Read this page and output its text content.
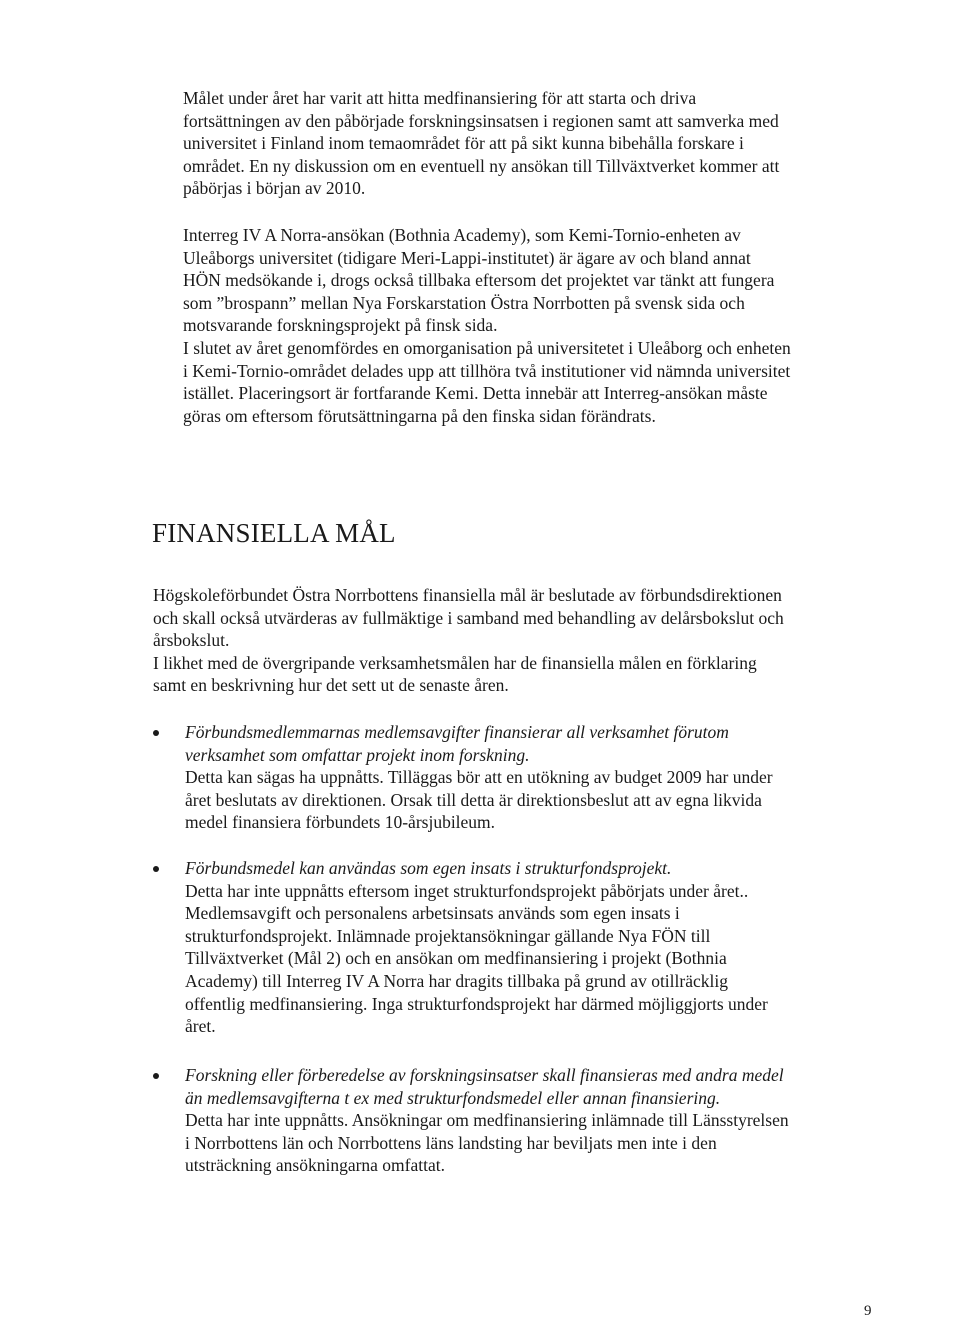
Målet under året har varit att hitta medfinansiering för att starta och driva
fortsättningen av den påbörjade forskningsinsatsen i regionen samt att samverka med
universitet i Finland inom temaområdet för att på sikt kunna bibehålla forskare i
området. En ny diskussion om en eventuell ny ansökan till Tillväxtverket kommer att
påbörjas i början av 2010.
Interreg IV A Norra-ansökan (Bothnia Academy), som Kemi-Tornio-enheten av
Uleåborgs universitet (tidigare Meri-Lappi-institutet) är ägare av och bland annat
HÖN medsökande i, drogs också tillbaka eftersom det projektet var tänkt att fungera
som ”brospann” mellan Nya Forskarstation Östra Norrbotten på svensk sida och
motsvarande forskningsprojekt på finsk sida.
I slutet av året genomfördes en omorganisation på universitetet i Uleåborg och enheten
i Kemi-Tornio-området delades upp att tillhöra två institutioner vid nämnda universitet
istället. Placeringsort är fortfarande Kemi. Detta innebär att Interreg-ansökan måste
göras om eftersom förutsättningarna på den finska sidan förändrats.
FINANSIELLA MÅL
Högskoleförbundet Östra Norrbottens finansiella mål är beslutade av förbundsdirektionen
och skall också utvärderas av fullmäktige i samband med behandling av delårsbokslut och
årsbokslut.
I likhet med de övergripande verksamhetsmålen har de finansiella målen en förklaring
samt en beskrivning hur det sett ut de senaste åren.
Förbundsmedlemmarnas medlemsavgifter finansierar all verksamhet förutom
verksamhet som omfattar projekt inom forskning.
Detta kan sägas ha uppnåtts. Tilläggas bör att en utökning av budget 2009 har under
året beslutats av direktionen. Orsak till detta är direktionsbeslut att av egna likvida
medel finansiera förbundets 10-årsjubileum.
Förbundsmedel kan användas som egen insats i strukturfondsprojekt.
Detta har inte uppnåtts eftersom inget strukturfondsprojekt påbörjats under året..
Medlemsavgift och personalens arbetsinsats används som egen insats i
strukturfondsprojekt. Inlämnade projektansökningar gällande Nya FÖN till
Tillväxtverket (Mål 2) och en ansökan om medfinansiering i projekt (Bothnia
Academy) till Interreg IV A Norra har dragits tillbaka på grund av otillräcklig
offentlig medfinansiering. Inga strukturfondsprojekt har därmed möjliggjorts under
året.
Forskning eller förberedelse av forskningsinsatser skall finansieras med andra medel
än medlemsavgifterna t ex med strukturfondsmedel eller annan finansiering.
Detta har inte uppnåtts. Ansökningar om medfinansiering inlämnade till Länsstyrelsen
i Norrbottens län och Norrbottens läns landsting har beviljats men inte i den
utsträckning ansökningarna omfattat.
9
